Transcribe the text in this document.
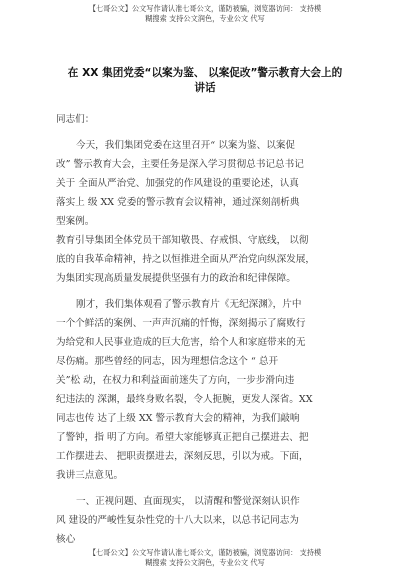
【七哥公文】公文写作请认准七哥公文，谨防被骗，浏览器访问： 支持模
糊搜索 支持公文润色，专业公文 代写
在 XX 集团党委“以案为鉴、 以案促改”警示教育大会上的
讲话
同志们：
今天，我们集团党委在这里召开“ 以案为鉴、以案促
改” 警示教育大会，主要任务是深入学习贯彻总书记总书记
关于 全面从严治党、加强党的作风建设的重要论述，认真
落实上 级 XX 党委的警示教育会议精神，通过深刻剖析典
型案例。
教育引导集团全体党员干部知敬畏、存戒惧、守底线， 以彻
底的自我革命精神，持之以恒推进全面从严治党向纵深发展，
为集团实现高质量发展提供坚强有力的政治和纪律保障。
刚才，我们集体观看了警示教育片《无纪深渊》，片中
一个个鲜活的案例、一声声沉痛的忏悔，深刻揭示了腐败行
为给党和人民事业造成的巨大危害，给个人和家庭带来的无
尽伤痛。那些曾经的同志，因为理想信念这个 “ 总开
关”松 动，在权力和利益面前迷失了方向，一步步滑向违
纪违法的 深渊，最终身败名裂，令人扼腕，更发人深省。XX
同志也传 达了上级 XX 警示教育大会的精神，为我们敲响
了警钟，指 明了方向。希望大家能够真正把自己摆进去、把
工作摆进去、 把职责摆进去，深刻反思，引以为戒。下面，
我讲三点意见。
一、正视问题、直面现实， 以清醒和警觉深刻认识作
风 建设的严峻性复杂性党的十八大以来，以总书记同志为
核心
【七哥公文】公文写作请认准七哥公文，谨防被骗，浏览器访问： 支持模
糊搜索 支持公文润色，专业公文 代写
